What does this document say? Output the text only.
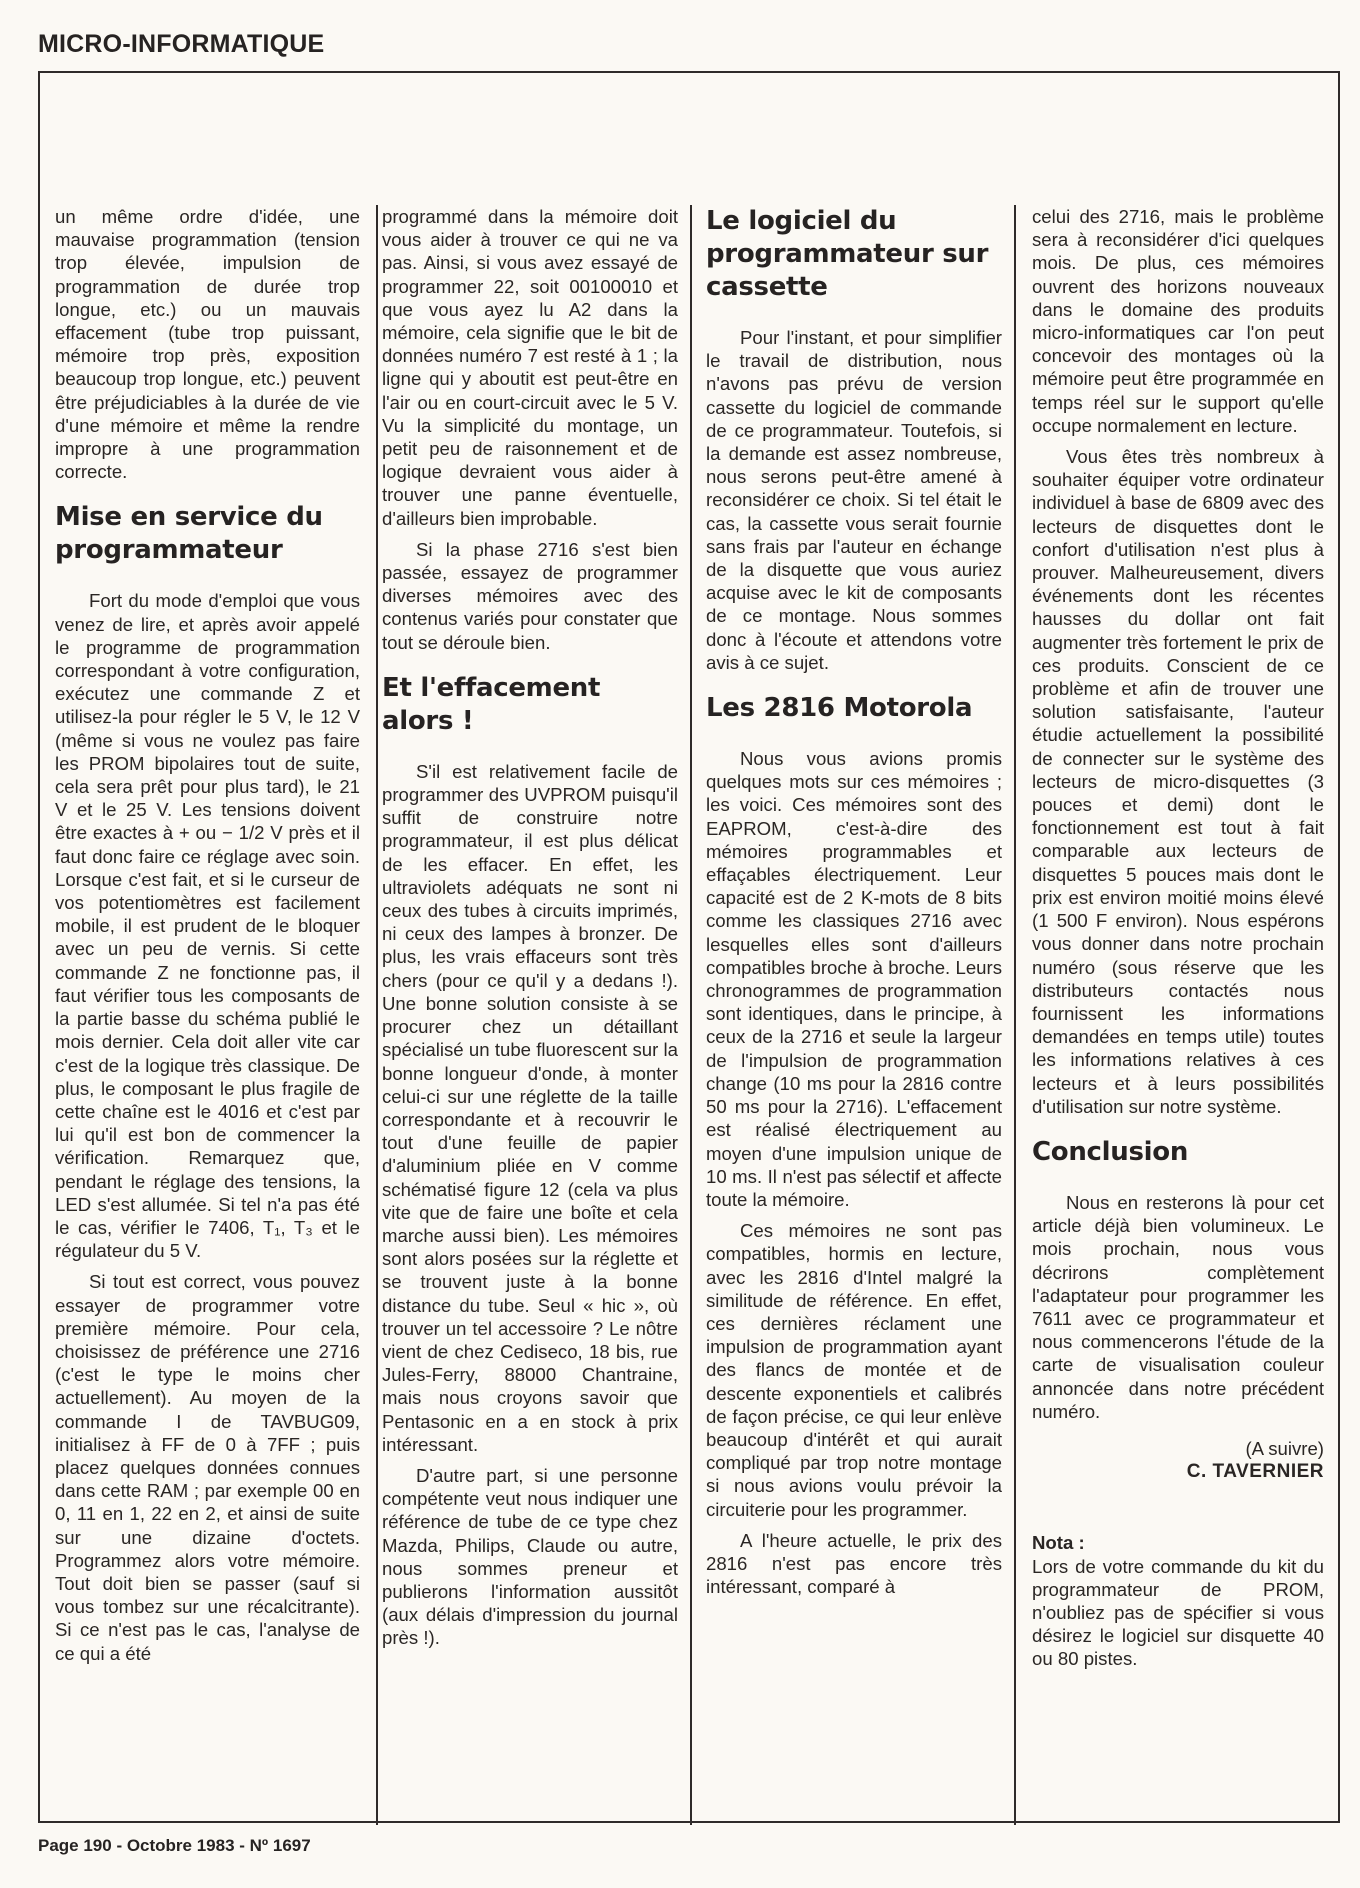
MICRO-INFORMATIQUE

un même ordre d'idée, une mauvaise programmation (tension trop élevée, impulsion de programmation de durée trop longue, etc.) ou un mauvais effacement (tube trop puissant, mémoire trop près, exposition beaucoup trop longue, etc.) peuvent être préjudiciables à la durée de vie d'une mémoire et même la rendre impropre à une programmation correcte.

Mise en service du programmateur

Fort du mode d'emploi que vous venez de lire, et après avoir appelé le programme de programmation correspondant à votre configuration, exécutez une commande Z et utilisez-la pour régler le 5 V, le 12 V (même si vous ne voulez pas faire les PROM bipolaires tout de suite, cela sera prêt pour plus tard), le 21 V et le 25 V. Les tensions doivent être exactes à + ou − 1/2 V près et il faut donc faire ce réglage avec soin. Lorsque c'est fait, et si le curseur de vos potentiomètres est facilement mobile, il est prudent de le bloquer avec un peu de vernis. Si cette commande Z ne fonctionne pas, il faut vérifier tous les composants de la partie basse du schéma publié le mois dernier. Cela doit aller vite car c'est de la logique très classique. De plus, le composant le plus fragile de cette chaîne est le 4016 et c'est par lui qu'il est bon de commencer la vérification. Remarquez que, pendant le réglage des tensions, la LED s'est allumée. Si tel n'a pas été le cas, vérifier le 7406, T₁, T₃ et le régulateur du 5 V.

Si tout est correct, vous pouvez essayer de programmer votre première mémoire. Pour cela, choisissez de préférence une 2716 (c'est le type le moins cher actuellement). Au moyen de la commande I de TAVBUG09, initialisez à FF de 0 à 7FF ; puis placez quelques données connues dans cette RAM ; par exemple 00 en 0, 11 en 1, 22 en 2, et ainsi de suite sur une dizaine d'octets. Programmez alors votre mémoire. Tout doit bien se passer (sauf si vous tombez sur une récalcitrante). Si ce n'est pas le cas, l'analyse de ce qui a été

programmé dans la mémoire doit vous aider à trouver ce qui ne va pas. Ainsi, si vous avez essayé de programmer 22, soit 00100010 et que vous ayez lu A2 dans la mémoire, cela signifie que le bit de données numéro 7 est resté à 1 ; la ligne qui y aboutit est peut-être en l'air ou en court-circuit avec le 5 V. Vu la simplicité du montage, un petit peu de raisonnement et de logique devraient vous aider à trouver une panne éventuelle, d'ailleurs bien improbable.

Si la phase 2716 s'est bien passée, essayez de programmer diverses mémoires avec des contenus variés pour constater que tout se déroule bien.

Et l'effacement alors !

S'il est relativement facile de programmer des UVPROM puisqu'il suffit de construire notre programmateur, il est plus délicat de les effacer. En effet, les ultraviolets adéquats ne sont ni ceux des tubes à circuits imprimés, ni ceux des lampes à bronzer. De plus, les vrais effaceurs sont très chers (pour ce qu'il y a dedans !). Une bonne solution consiste à se procurer chez un détaillant spécialisé un tube fluorescent sur la bonne longueur d'onde, à monter celui-ci sur une réglette de la taille correspondante et à recouvrir le tout d'une feuille de papier d'aluminium pliée en V comme schématisé figure 12 (cela va plus vite que de faire une boîte et cela marche aussi bien). Les mémoires sont alors posées sur la réglette et se trouvent juste à la bonne distance du tube. Seul « hic », où trouver un tel accessoire ? Le nôtre vient de chez Cediseco, 18 bis, rue Jules-Ferry, 88000 Chantraine, mais nous croyons savoir que Pentasonic en a en stock à prix intéressant.

D'autre part, si une personne compétente veut nous indiquer une référence de tube de ce type chez Mazda, Philips, Claude ou autre, nous sommes preneur et publierons l'information aussitôt (aux délais d'impression du journal près !).

Le logiciel du programmateur sur cassette

Pour l'instant, et pour simplifier le travail de distribution, nous n'avons pas prévu de version cassette du logiciel de commande de ce programmateur. Toutefois, si la demande est assez nombreuse, nous serons peut-être amené à reconsidérer ce choix. Si tel était le cas, la cassette vous serait fournie sans frais par l'auteur en échange de la disquette que vous auriez acquise avec le kit de composants de ce montage. Nous sommes donc à l'écoute et attendons votre avis à ce sujet.

Les 2816 Motorola

Nous vous avions promis quelques mots sur ces mémoires ; les voici. Ces mémoires sont des EAPROM, c'est-à-dire des mémoires programmables et effaçables électriquement. Leur capacité est de 2 K-mots de 8 bits comme les classiques 2716 avec lesquelles elles sont d'ailleurs compatibles broche à broche. Leurs chronogrammes de programmation sont identiques, dans le principe, à ceux de la 2716 et seule la largeur de l'impulsion de programmation change (10 ms pour la 2816 contre 50 ms pour la 2716). L'effacement est réalisé électriquement au moyen d'une impulsion unique de 10 ms. Il n'est pas sélectif et affecte toute la mémoire.

Ces mémoires ne sont pas compatibles, hormis en lecture, avec les 2816 d'Intel malgré la similitude de référence. En effet, ces dernières réclament une impulsion de programmation ayant des flancs de montée et de descente exponentiels et calibrés de façon précise, ce qui leur enlève beaucoup d'intérêt et qui aurait compliqué par trop notre montage si nous avions voulu prévoir la circuiterie pour les programmer.

A l'heure actuelle, le prix des 2816 n'est pas encore très intéressant, comparé à

celui des 2716, mais le problème sera à reconsidérer d'ici quelques mois. De plus, ces mémoires ouvrent des horizons nouveaux dans le domaine des produits micro-informatiques car l'on peut concevoir des montages où la mémoire peut être programmée en temps réel sur le support qu'elle occupe normalement en lecture.

Vous êtes très nombreux à souhaiter équiper votre ordinateur individuel à base de 6809 avec des lecteurs de disquettes dont le confort d'utilisation n'est plus à prouver. Malheureusement, divers événements dont les récentes hausses du dollar ont fait augmenter très fortement le prix de ces produits. Conscient de ce problème et afin de trouver une solution satisfaisante, l'auteur étudie actuellement la possibilité de connecter sur le système des lecteurs de micro-disquettes (3 pouces et demi) dont le fonctionnement est tout à fait comparable aux lecteurs de disquettes 5 pouces mais dont le prix est environ moitié moins élevé (1 500 F environ). Nous espérons vous donner dans notre prochain numéro (sous réserve que les distributeurs contactés nous fournissent les informations demandées en temps utile) toutes les informations relatives à ces lecteurs et à leurs possibilités d'utilisation sur notre système.

Conclusion

Nous en resterons là pour cet article déjà bien volumineux. Le mois prochain, nous vous décrirons complètement l'adaptateur pour programmer les 7611 avec ce programmateur et nous commencerons l'étude de la carte de visualisation couleur annoncée dans notre précédent numéro.

(A suivre)
C. TAVERNIER
Nota :

Lors de votre commande du kit du programmateur de PROM, n'oubliez pas de spécifier si vous désirez le logiciel sur disquette 40 ou 80 pistes.

Page 190 - Octobre 1983 - Nº 1697
